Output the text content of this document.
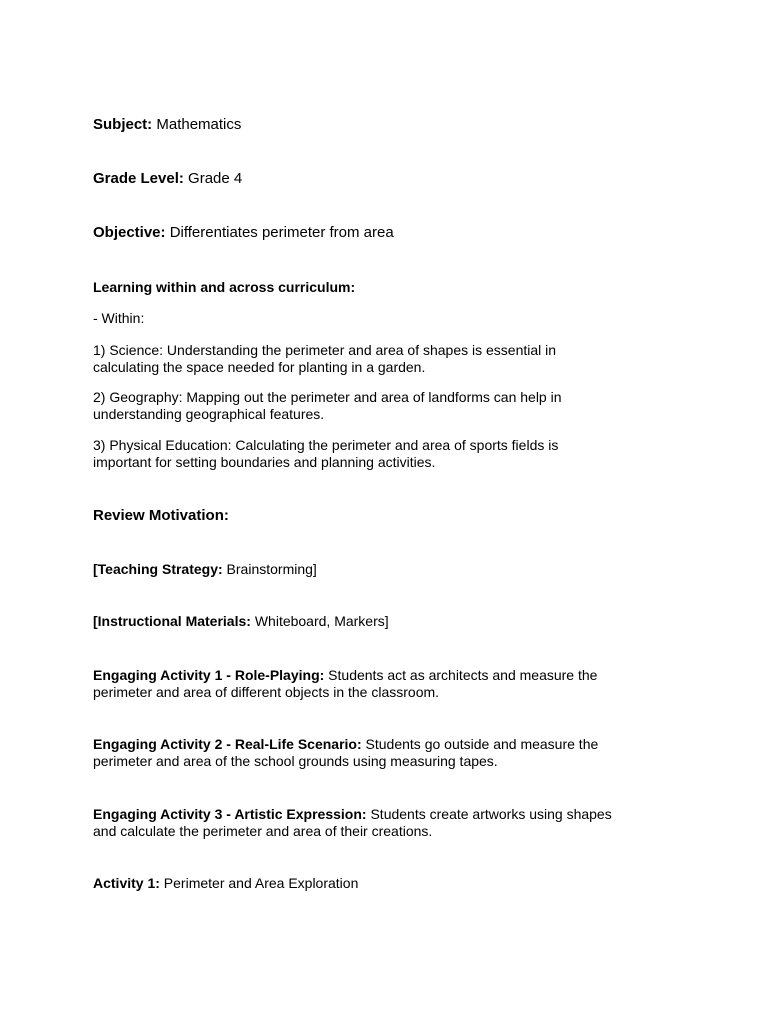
Subject: Mathematics
Grade Level: Grade 4
Objective: Differentiates perimeter from area
Learning within and across curriculum:
- Within:
1) Science: Understanding the perimeter and area of shapes is essential in
calculating the space needed for planting in a garden.
2) Geography: Mapping out the perimeter and area of landforms can help in
understanding geographical features.
3) Physical Education: Calculating the perimeter and area of sports fields is
important for setting boundaries and planning activities.
Review Motivation:
[Teaching Strategy: Brainstorming]
[Instructional Materials: Whiteboard, Markers]
Engaging Activity 1 - Role-Playing: Students act as architects and measure the
perimeter and area of different objects in the classroom.
Engaging Activity 2 - Real-Life Scenario: Students go outside and measure the
perimeter and area of the school grounds using measuring tapes.
Engaging Activity 3 - Artistic Expression: Students create artworks using shapes
and calculate the perimeter and area of their creations.
Activity 1: Perimeter and Area Exploration
